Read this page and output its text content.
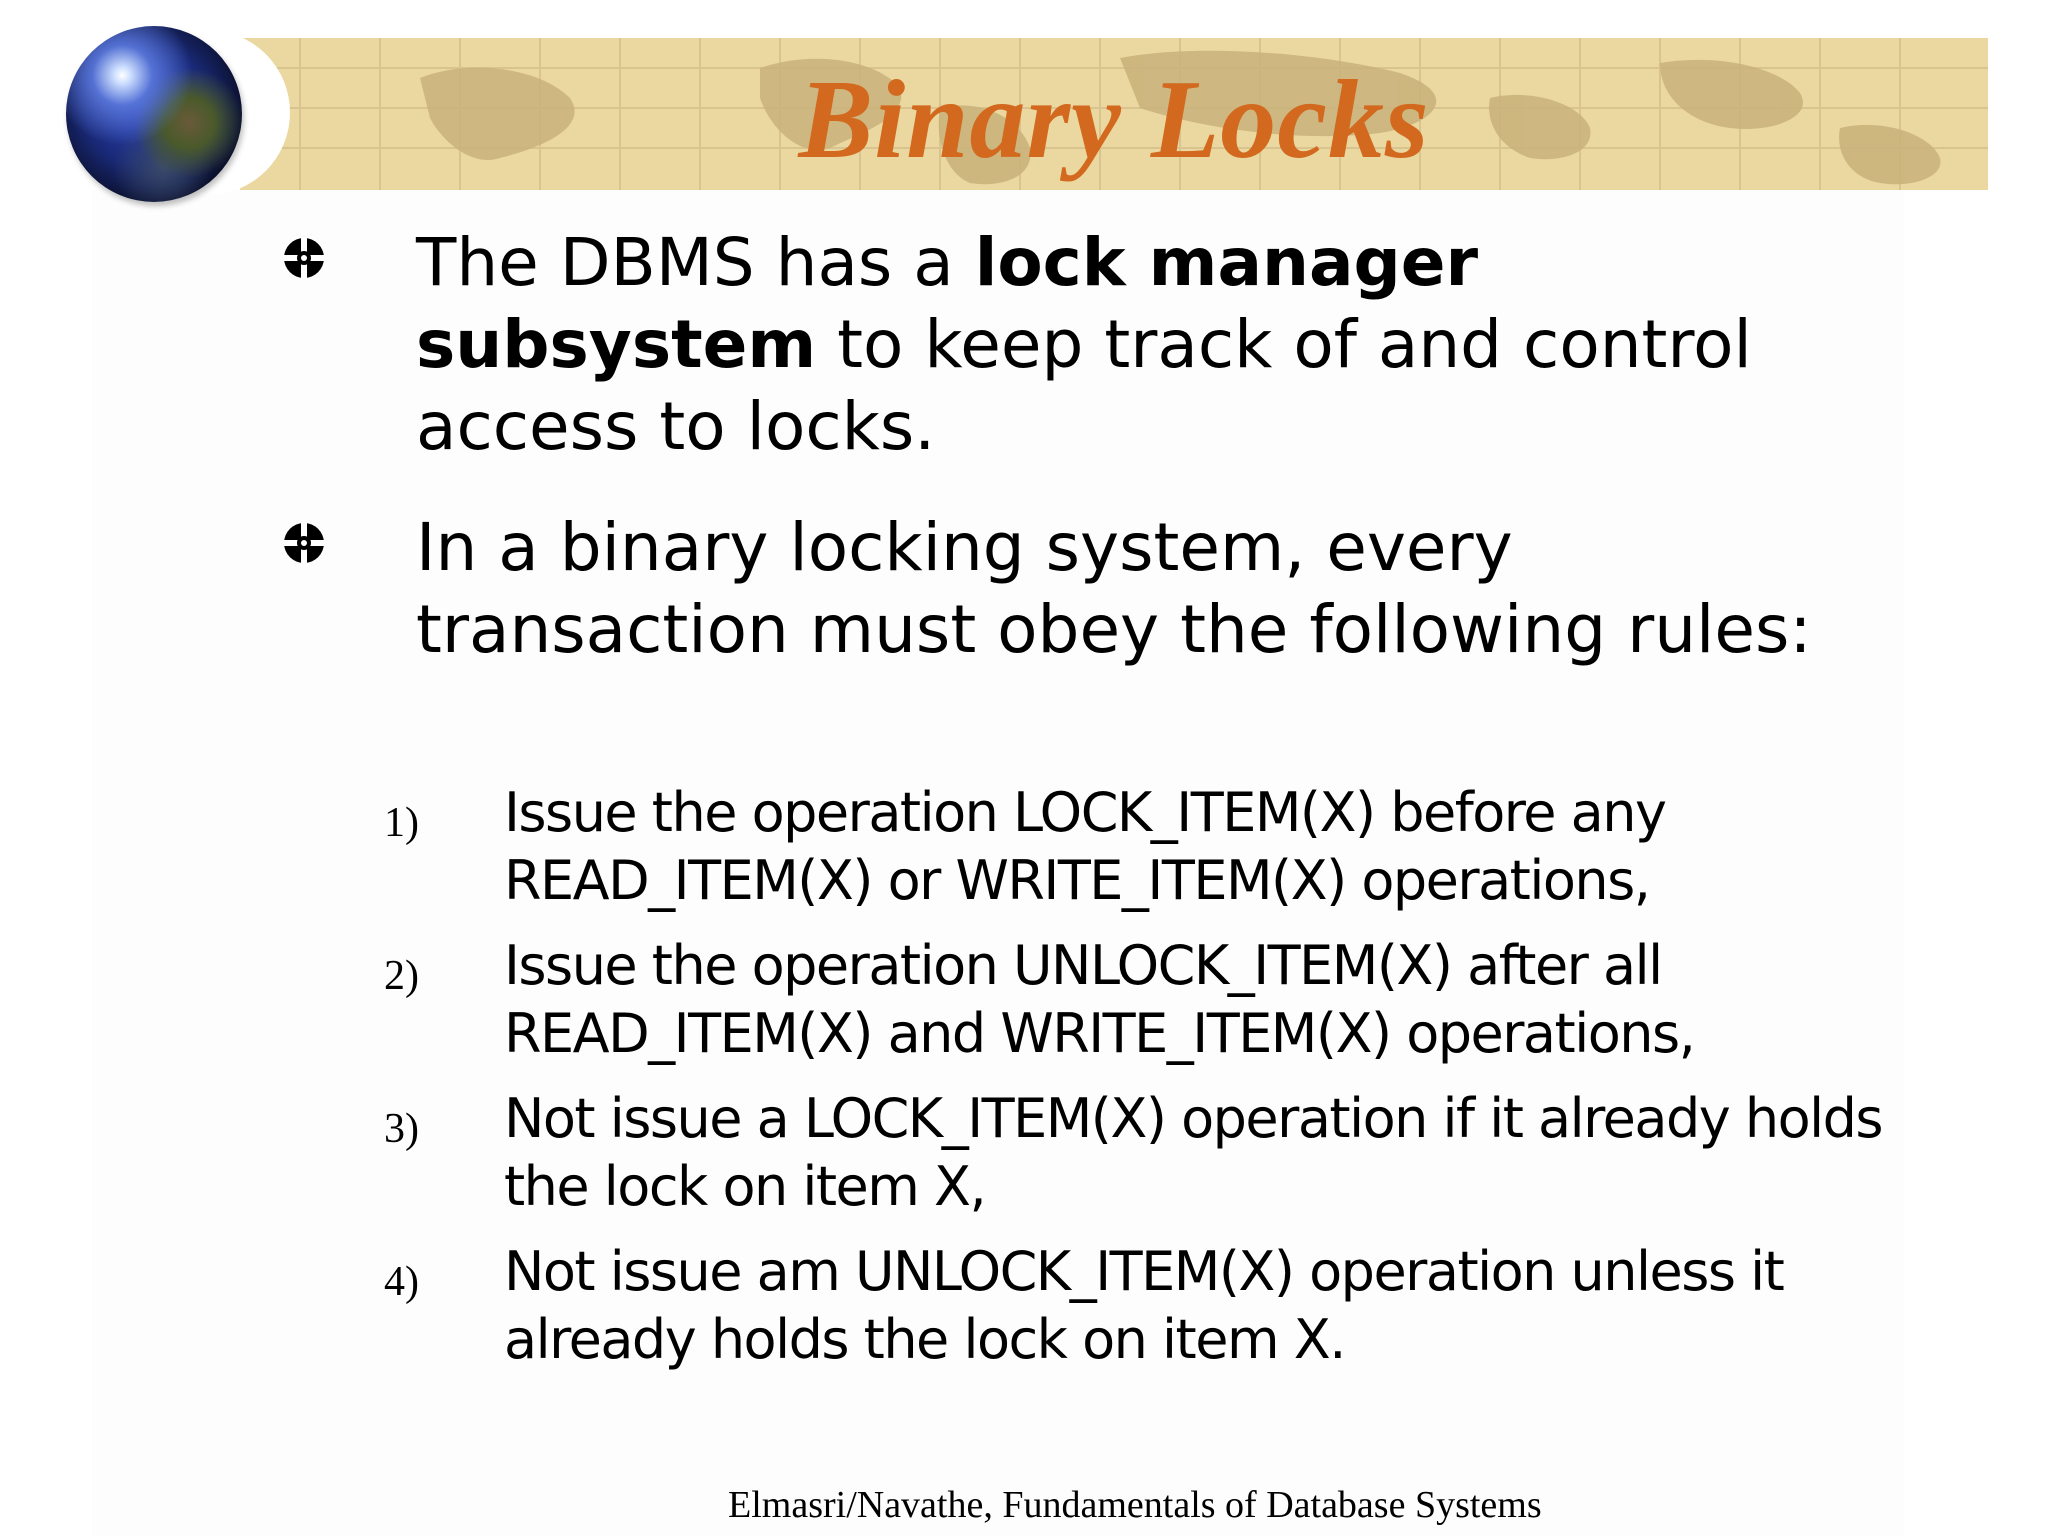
Binary Locks
The DBMS has a lock manager subsystem to keep track of and control access to locks.
In a binary locking system, every transaction must obey the following rules:
1) Issue the operation LOCK_ITEM(X) before any
READ_ITEM(X) or WRITE_ITEM(X) operations,
2) Issue the operation UNLOCK_ITEM(X) after all
READ_ITEM(X) and WRITE_ITEM(X) operations,
3) Not issue a LOCK_ITEM(X) operation if it already holds
the lock on item X,
4) Not issue am UNLOCK_ITEM(X) operation unless it
already holds the lock on item X.
Elmasri/Navathe, Fundamentals of Database Systems
